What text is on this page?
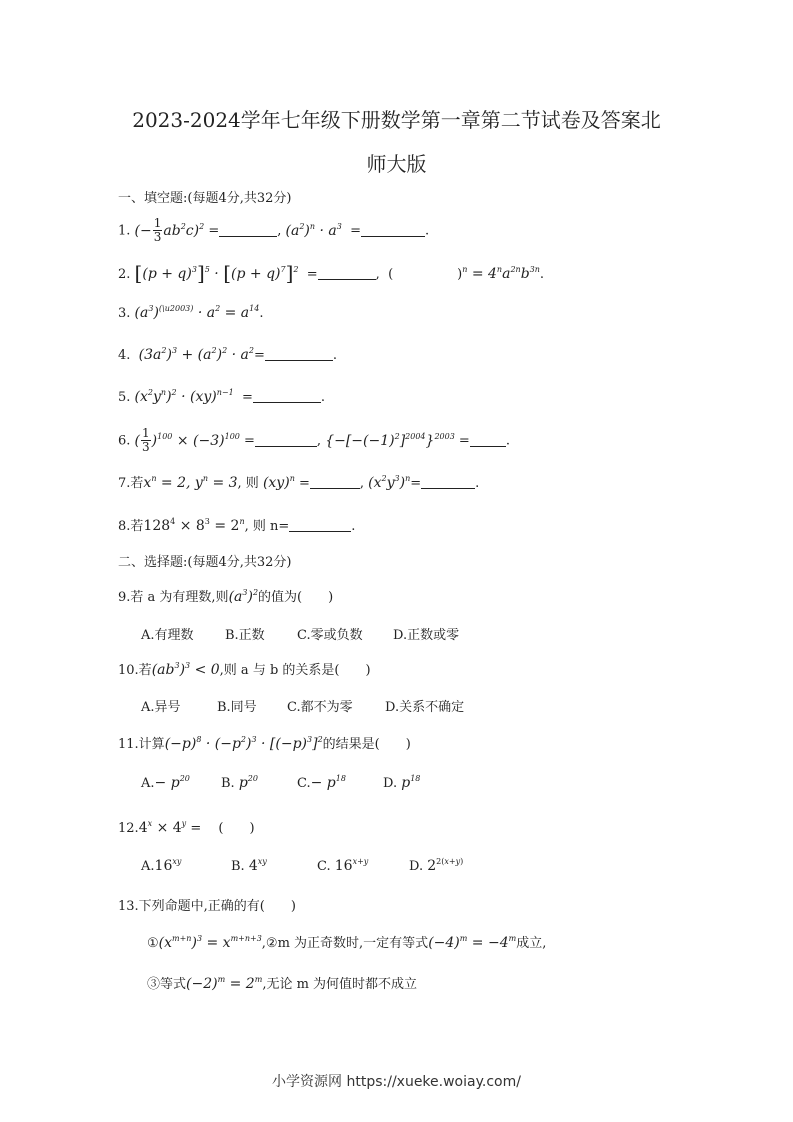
2023-2024学年七年级下册数学第一章第二节试卷及答案北
师大版
一、填空题:(每题4分,共32分)
1. (− $\frac{1}{3} ab^2c)^2$ =	, $(a^2)^n \cdot a^3$  =	.
2. $[(p + q)^3]^5 \cdot [(p + q)^7]^2$  =	,  (	)$^n = 4^na^{2n}b^{3n}$.
3. $(a^3)^{(\backslash u2003)} \cdot a^2 = a^{14}$.
4. $(3a^2)^3 + (a^2)^2 \cdot a^2=$	.
5. $(x^2y^n)^2 \cdot (xy)^{n-1}$  =	.
6. ( $\frac{1}{3} )^{100} \times (-3)^{100}$ =	, $\{-[-(-1)^2]^{2004}\}^{2003}$ =	.
7.若$x^n = 2$, $y^n = 3$, 则 (xy)$^n$ =	, $(x^2y^3)^n=$	.
8.若$128^4 \times 8^3 = 2^n$, 则 n=	.
二、选择题:(每题4分,共32分)
9.若 a 为有理数,则$(a^3)^2$的值为(　　)
A.有理数 B.正数 C.零或负数 D.正数或零
10.若$(ab^3)^3 < 0$,则 a 与 b 的关系是(　　)
A.异号	B.同号 C.都不为零 D.关系不确定
11.计算$(-p)^8 \cdot (-p^2)^3 \cdot [(-p)^3]^2$的结果是(　　)
$A.- p^{20}$ B. $p^{20}$	$C.- p^{18}$	D. $p^{18}$
$12.4^x \times 4^y$ = 　(　　)
$A.16^{xy}$	B. $4^{xy}$	C. $16^{x+y}$	D. $2^{2(x+y)}$
13.下列命题中,正确的有(　　)
$①(x^{m+n})^3$ = $x^{m+n+3},②m$ 为正奇数时,一定有等式$(-4)^m = -4^m$成立,
③等式$(-2)^m = 2^m$,无论 m 为何值时都不成立
小学资源网 https://xueke.woiay.com/
